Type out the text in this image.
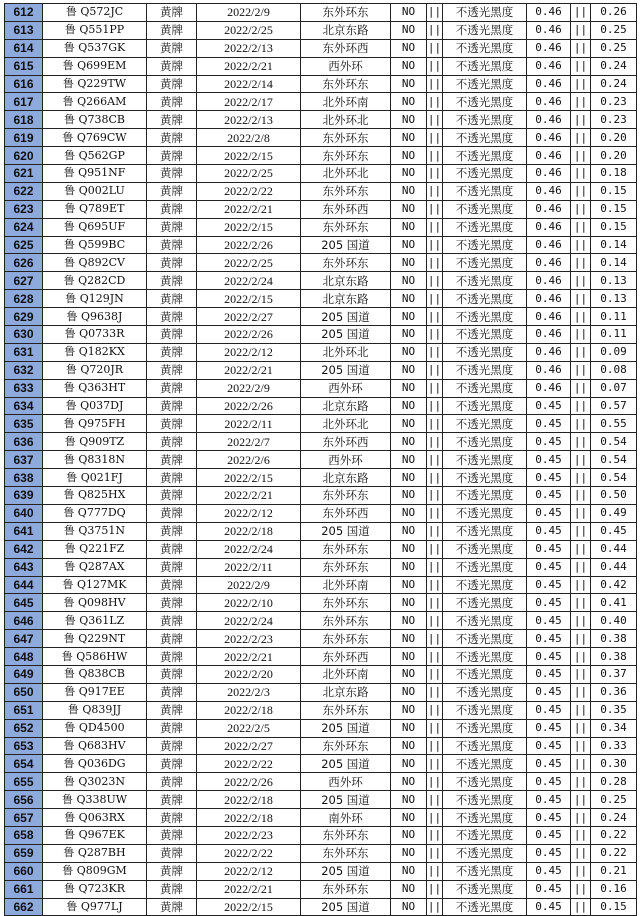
612	鲁 Q572JC	黄牌	2022/2/9	东外环东	NO	||	不透光黑度	0.46	||	0.26
613	鲁 Q551PP	黄牌	2022/2/25	北京东路	NO	||	不透光黑度	0.46	||	0.25
614	鲁 Q537GK	黄牌	2022/2/13	东外环西	NO	||	不透光黑度	0.46	||	0.25
615	鲁 Q699EM	黄牌	2022/2/21	西外环	NO	||	不透光黑度	0.46	||	0.24
616	鲁 Q229TW	黄牌	2022/2/14	东外环东	NO	||	不透光黑度	0.46	||	0.24
617	鲁 Q266AM	黄牌	2022/2/17	北外环南	NO	||	不透光黑度	0.46	||	0.23
618	鲁 Q738CB	黄牌	2022/2/13	北外环北	NO	||	不透光黑度	0.46	||	0.23
619	鲁 Q769CW	黄牌	2022/2/8	东外环东	NO	||	不透光黑度	0.46	||	0.20
620	鲁 Q562GP	黄牌	2022/2/15	东外环东	NO	||	不透光黑度	0.46	||	0.20
621	鲁 Q951NF	黄牌	2022/2/25	北外环北	NO	||	不透光黑度	0.46	||	0.18
622	鲁 Q002LU	黄牌	2022/2/22	东外环东	NO	||	不透光黑度	0.46	||	0.15
623	鲁 Q789ET	黄牌	2022/2/21	东外环西	NO	||	不透光黑度	0.46	||	0.15
624	鲁 Q695UF	黄牌	2022/2/15	东外环东	NO	||	不透光黑度	0.46	||	0.15
625	鲁 Q599BC	黄牌	2022/2/26	205 国道	NO	||	不透光黑度	0.46	||	0.14
626	鲁 Q892CV	黄牌	2022/2/25	东外环东	NO	||	不透光黑度	0.46	||	0.14
627	鲁 Q282CD	黄牌	2022/2/24	北京东路	NO	||	不透光黑度	0.46	||	0.13
628	鲁 Q129JN	黄牌	2022/2/15	北京东路	NO	||	不透光黑度	0.46	||	0.13
629	鲁 Q9638J	黄牌	2022/2/27	205 国道	NO	||	不透光黑度	0.46	||	0.11
630	鲁 Q0733R	黄牌	2022/2/26	205 国道	NO	||	不透光黑度	0.46	||	0.11
631	鲁 Q182KX	黄牌	2022/2/12	北外环北	NO	||	不透光黑度	0.46	||	0.09
632	鲁 Q720JR	黄牌	2022/2/21	205 国道	NO	||	不透光黑度	0.46	||	0.08
633	鲁 Q363HT	黄牌	2022/2/9	西外环	NO	||	不透光黑度	0.46	||	0.07
634	鲁 Q037DJ	黄牌	2022/2/26	北京东路	NO	||	不透光黑度	0.45	||	0.57
635	鲁 Q975FH	黄牌	2022/2/11	北外环北	NO	||	不透光黑度	0.45	||	0.55
636	鲁 Q909TZ	黄牌	2022/2/7	东外环西	NO	||	不透光黑度	0.45	||	0.54
637	鲁 Q8318N	黄牌	2022/2/6	西外环	NO	||	不透光黑度	0.45	||	0.54
638	鲁 Q021FJ	黄牌	2022/2/15	北京东路	NO	||	不透光黑度	0.45	||	0.54
639	鲁 Q825HX	黄牌	2022/2/21	东外环东	NO	||	不透光黑度	0.45	||	0.50
640	鲁 Q777DQ	黄牌	2022/2/12	东外环西	NO	||	不透光黑度	0.45	||	0.49
641	鲁 Q3751N	黄牌	2022/2/18	205 国道	NO	||	不透光黑度	0.45	||	0.45
642	鲁 Q221FZ	黄牌	2022/2/24	东外环东	NO	||	不透光黑度	0.45	||	0.44
643	鲁 Q287AX	黄牌	2022/2/11	东外环东	NO	||	不透光黑度	0.45	||	0.44
644	鲁 Q127MK	黄牌	2022/2/9	北外环南	NO	||	不透光黑度	0.45	||	0.42
645	鲁 Q098HV	黄牌	2022/2/10	东外环东	NO	||	不透光黑度	0.45	||	0.41
646	鲁 Q361LZ	黄牌	2022/2/24	东外环东	NO	||	不透光黑度	0.45	||	0.40
647	鲁 Q229NT	黄牌	2022/2/23	东外环东	NO	||	不透光黑度	0.45	||	0.38
648	鲁 Q586HW	黄牌	2022/2/21	东外环西	NO	||	不透光黑度	0.45	||	0.38
649	鲁 Q838CB	黄牌	2022/2/20	北外环南	NO	||	不透光黑度	0.45	||	0.37
650	鲁 Q917EE	黄牌	2022/2/3	北京东路	NO	||	不透光黑度	0.45	||	0.36
651	鲁 Q839JJ	黄牌	2022/2/18	东外环东	NO	||	不透光黑度	0.45	||	0.35
652	鲁 QD4500	黄牌	2022/2/5	205 国道	NO	||	不透光黑度	0.45	||	0.34
653	鲁 Q683HV	黄牌	2022/2/27	东外环东	NO	||	不透光黑度	0.45	||	0.33
654	鲁 Q036DG	黄牌	2022/2/22	205 国道	NO	||	不透光黑度	0.45	||	0.30
655	鲁 Q3023N	黄牌	2022/2/26	西外环	NO	||	不透光黑度	0.45	||	0.28
656	鲁 Q338UW	黄牌	2022/2/18	205 国道	NO	||	不透光黑度	0.45	||	0.25
657	鲁 Q063RX	黄牌	2022/2/18	南外环	NO	||	不透光黑度	0.45	||	0.24
658	鲁 Q967EK	黄牌	2022/2/23	东外环东	NO	||	不透光黑度	0.45	||	0.22
659	鲁 Q287BH	黄牌	2022/2/22	东外环东	NO	||	不透光黑度	0.45	||	0.22
660	鲁 Q809GM	黄牌	2022/2/12	205 国道	NO	||	不透光黑度	0.45	||	0.21
661	鲁 Q723KR	黄牌	2022/2/21	东外环东	NO	||	不透光黑度	0.45	||	0.16
662	鲁 Q977LJ	黄牌	2022/2/15	205 国道	NO	||	不透光黑度	0.45	||	0.15
